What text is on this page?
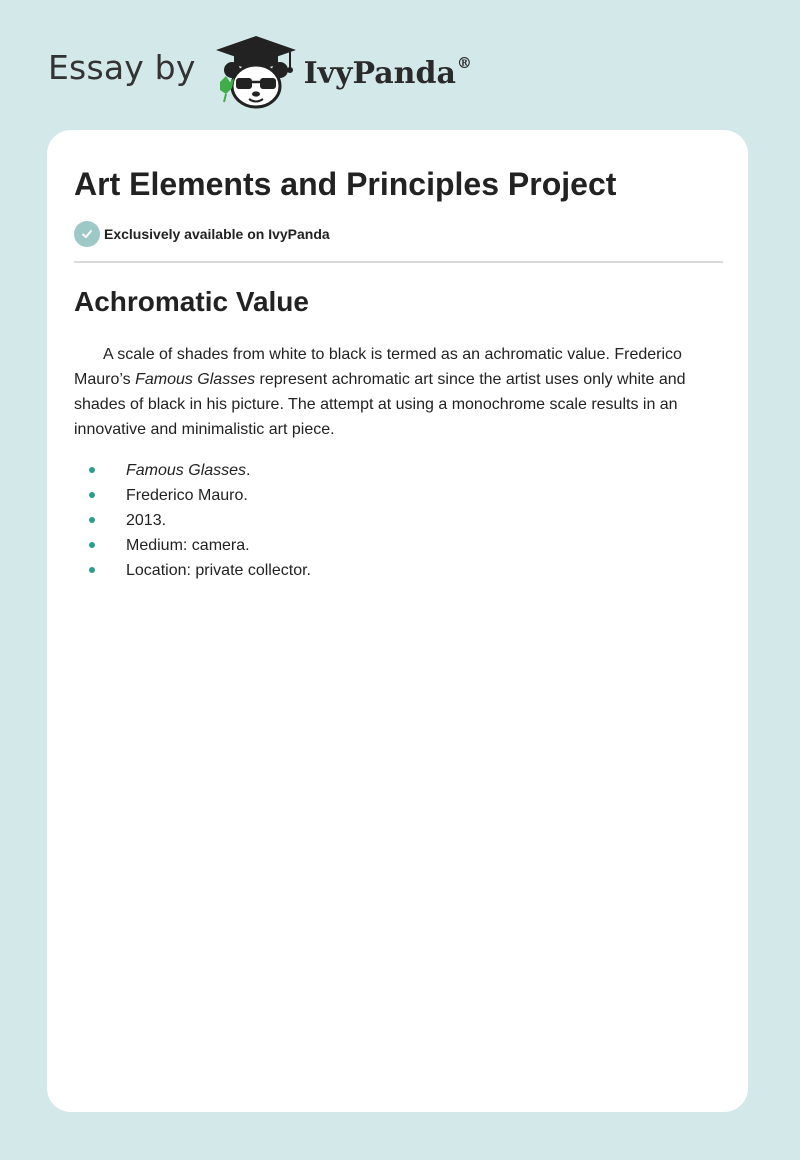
Essay by	IvyPanda®
Art Elements and Principles Project
Exclusively available on IvyPanda
Achromatic Value

A scale of shades from white to black is termed as an achromatic value. Frederico Mauro’s Famous Glasses represent achromatic art since the artist uses only white and shades of black in his picture. The attempt at using a monochrome scale results in an innovative and minimalistic art piece.

Famous Glasses.
Frederico Mauro.
2013.
Medium: camera.
Location: private collector.
